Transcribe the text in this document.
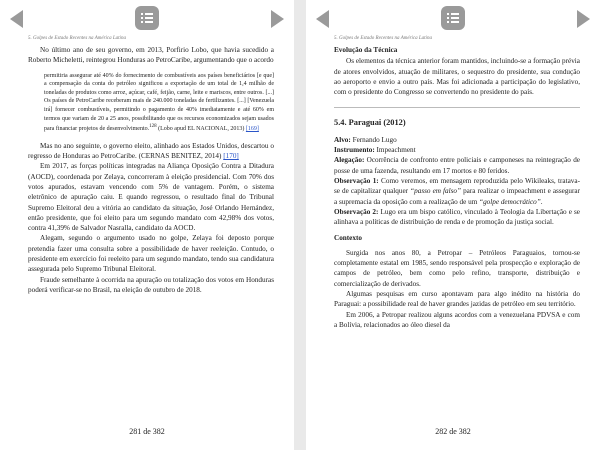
5. Golpes de Estado Recentes na América Latina

No último ano de seu governo, em 2013, Porfirio Lobo, que havia sucedido a Roberto Micheletti, reintegrou Honduras ao PetroCaribe, argumentando que o acordo

permitiria assegurar até 40% do fornecimento de combustíveis aos países beneficiários [e que] a compensação da conta do petróleo significou a exportação de um total de 1,4 milhão de toneladas de produtos como arroz, açúcar, café, feijão, carne, leite e mariscos, entre outros. [...] Os países de PetroCaribe receberam mais de 240.000 toneladas de fertilizantes. [...] [Venezuela irá] fornecer combustíveis, permitindo o pagamento de 40% imediatamente e até 60% em termos que variam de 20 a 25 anos, possibilitando que os recursos economizados sejam usados para financiar projetos de desenvolvimento.$^{128}$ (Lobo apud EL NACIONAL, 2013) [169]

Mas no ano seguinte, o governo eleito, alinhado aos Estados Unidos, descartou o regresso de Honduras ao PetroCaribe. (CERNAS BENITEZ, 2014) [170]

Em 2017, as forças políticas integradas na Aliança Oposição Contra a Ditadura (AOCD), coordenada por Zelaya, concorreram à eleição presidencial. Com 70% dos votos apurados, estavam vencendo com 5% de vantagem. Porém, o sistema eletrônico de apuração caiu. E quando regressou, o resultado final do Tribunal Supremo Eleitoral deu a vitória ao candidato da situação, José Orlando Hernández, então presidente, que foi eleito para um segundo mandato com 42,98% dos votos, contra 41,39% de Salvador Nasralla, candidato da AOCD.

Alegam, segundo o argumento usado no golpe, Zelaya foi deposto porque pretendia fazer uma consulta sobre a possibilidade de haver reeleição. Contudo, o presidente em exercício foi reeleito para um segundo mandato, tendo sua candidatura assegurada pelo Supremo Tribunal Eleitoral.

Fraude semelhante à ocorrida na apuração ou totalização dos votos em Honduras poderá verificar-se no Brasil, na eleição de outubro de 2018.

281 de 382
5. Golpes de Estado Recentes na América Latina

Evolução da Técnica

Os elementos da técnica anterior foram mantidos, incluindo-se a formação prévia de atores envolvidos, atuação de militares, o sequestro do presidente, sua condução ao aeroporto e envio a outro país. Mas foi adicionada a participação do legislativo, com o presidente do Congresso se convertendo no presidente do país.

5.4. Paraguai (2012)

Alvo: Fernando Lugo

Instrumento: Impeachment

Alegação: Ocorrência de confronto entre policiais e camponeses na reintegração de posse de uma fazenda, resultando em 17 mortos e 80 feridos.

Observação 1: Como veremos, em mensagem reproduzida pelo Wikileaks, tratava-se de capitalizar qualquer “passo em falso” para realizar o impeachment e assegurar a supremacia da oposição com a realização de um “golpe democrático”.

Observação 2: Lugo era um bispo católico, vinculado à Teologia da Libertação e se alinhava a políticas de distribuição de renda e de promoção da justiça social.

Contexto

Surgida nos anos 80, a Petropar – Petróleos Paraguaios, tornou-se completamente estatal em 1985, sendo responsável pela prospecção e exploração de campos de petróleo, bem como pelo refino, transporte, distribuição e comercialização de derivados.

Algumas pesquisas em curso apontavam para algo inédito na história do Paraguai: a possibilidade real de haver grandes jazidas de petróleo em seu território.

Em 2006, a Petropar realizou alguns acordos com a venezuelana PDVSA e com a Bolívia, relacionados ao óleo diesel da

282 de 382
